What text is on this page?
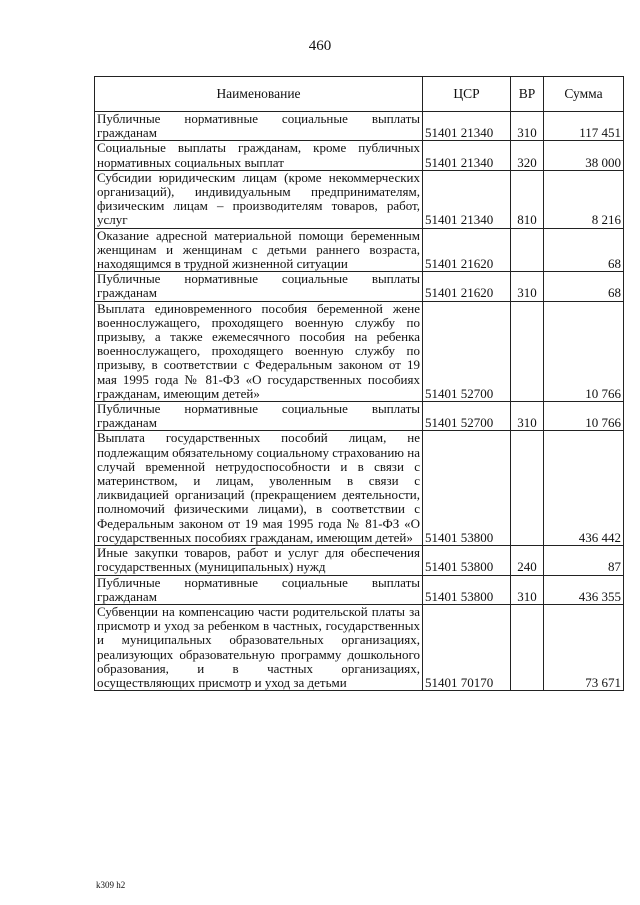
460
Наименование	ЦСР	ВР	Сумма
Публичные нормативные социальные выплаты гражданам	51401 21340	310	117 451
Социальные выплаты гражданам, кроме публичных нормативных социальных выплат	51401 21340	320	38 000
Субсидии юридическим лицам (кроме некоммерческих организаций), индивидуальным предпринимателям, физическим лицам – производителям товаров, работ, услуг	51401 21340	810	8 216
Оказание адресной материальной помощи беременным женщинам и женщинам с детьми раннего возраста, находящимся в трудной жизненной ситуации	51401 21620		68
Публичные нормативные социальные выплаты гражданам	51401 21620	310	68
Выплата единовременного пособия беременной жене военнослужащего, проходящего военную службу по призыву, а также ежемесячного пособия на ребенка военнослужащего, проходящего военную службу по призыву, в соответствии с Федеральным законом от 19 мая 1995 года № 81-ФЗ «О государственных пособиях гражданам, имеющим детей»	51401 52700		10 766
Публичные нормативные социальные выплаты гражданам	51401 52700	310	10 766
Выплата государственных пособий лицам, не подлежащим обязательному социальному страхованию на случай временной нетрудоспособности и в связи с материнством, и лицам, уволенным в связи с ликвидацией организаций (прекращением деятельности, полномочий физическими лицами), в соответствии с Федеральным законом от 19 мая 1995 года № 81-ФЗ «О государственных пособиях гражданам, имеющим детей»	51401 53800		436 442
Иные закупки товаров, работ и услуг для обеспечения государственных (муниципальных) нужд	51401 53800	240	87
Публичные нормативные социальные выплаты гражданам	51401 53800	310	436 355
Субвенции на компенсацию части родительской платы за присмотр и уход за ребенком в частных, государственных и муниципальных образовательных организациях, реализующих образовательную программу дошкольного образования, и в частных организациях, осуществляющих присмотр и уход за детьми	51401 70170		73 671
k309 h2
